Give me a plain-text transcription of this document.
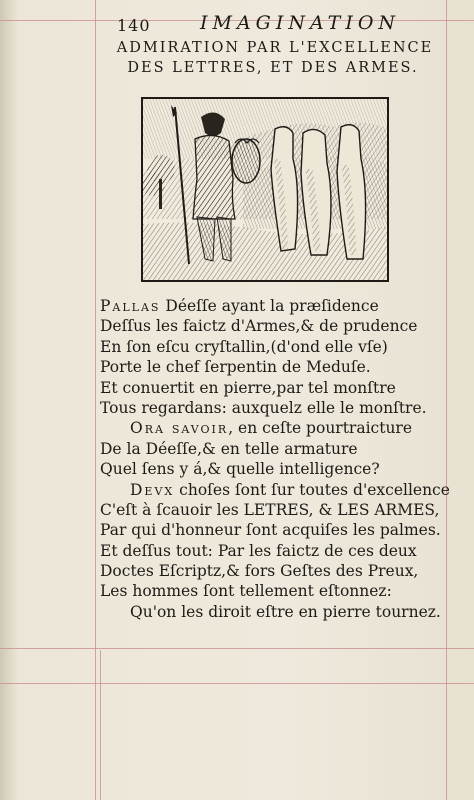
140	IMAGINATION
ADMIRATION PAR L'EXCELLENCE
DES LETTRES, ET DES ARMES.
Pallas Déeſſe ayant la præſidence
Deſſus les faictz d'Armes,& de prudence
En ſon eſcu cryſtallin,(d'ond elle vſe)
Porte le chef ſerpentin de Meduſe.
Et conuertit en pierre,par tel monſtre
Tous regardans: auxquelz elle le monſtre.
Ora savoir, en ceſte pourtraicture
De la Déeſſe,& en telle armature
Quel ſens y á,& quelle intelligence?
Devx choſes ſont ſur toutes d'excellence
C'eſt à ſcauoir les LETRES, & LES ARMES,
Par qui d'honneur ſont acquiſes les palmes.
Et deſſus tout: Par les faictz de ces deux
Doctes Eſcriptz,& fors Geſtes des Preux,
Les hommes ſont tellement eſtonnez:
Qu'on les diroit eſtre en pierre tournez.
